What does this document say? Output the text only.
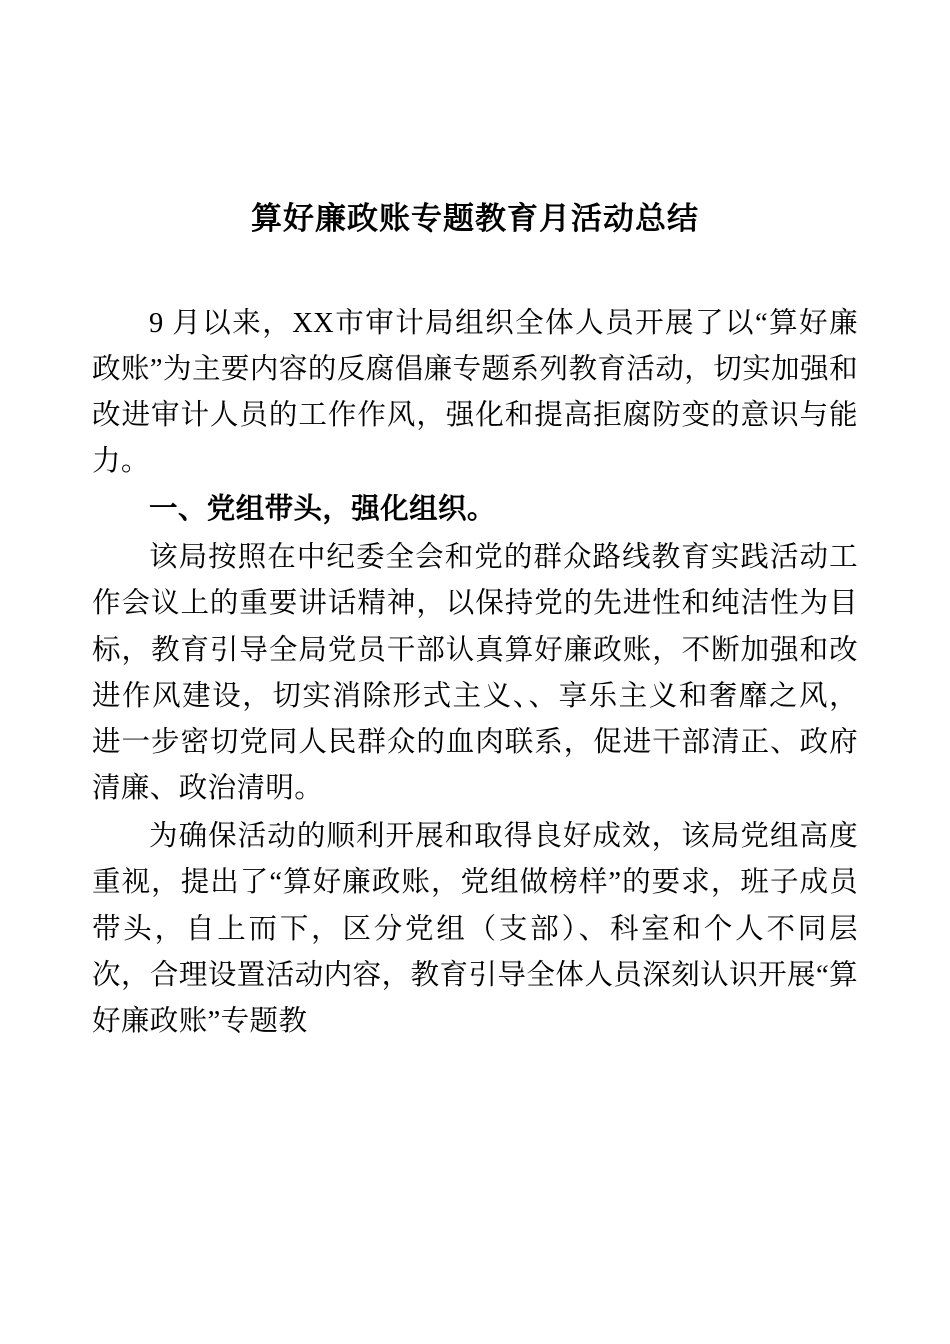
算好廉政账专题教育月活动总结

9 月以来，XX市审计局组织全体人员开展了以“算好廉政账”为主要内容的反腐倡廉专题系列教育活动，切实加强和改进审计人员的工作作风，强化和提高拒腐防变的意识与能力。

一、党组带头，强化组织。

该局按照在中纪委全会和党的群众路线教育实践活动工作会议上的重要讲话精神，以保持党的先进性和纯洁性为目标，教育引导全局党员干部认真算好廉政账，不断加强和改进作风建设，切实消除形式主义、、享乐主义和奢靡之风，进一步密切党同人民群众的血肉联系，促进干部清正、政府清廉、政治清明。

为确保活动的顺利开展和取得良好成效，该局党组高度重视，提出了“算好廉政账，党组做榜样”的要求，班子成员带头，自上而下，区分党组（支部）、科室和个人不同层次，合理设置活动内容，教育引导全体人员深刻认识开展“算好廉政账”专题教
